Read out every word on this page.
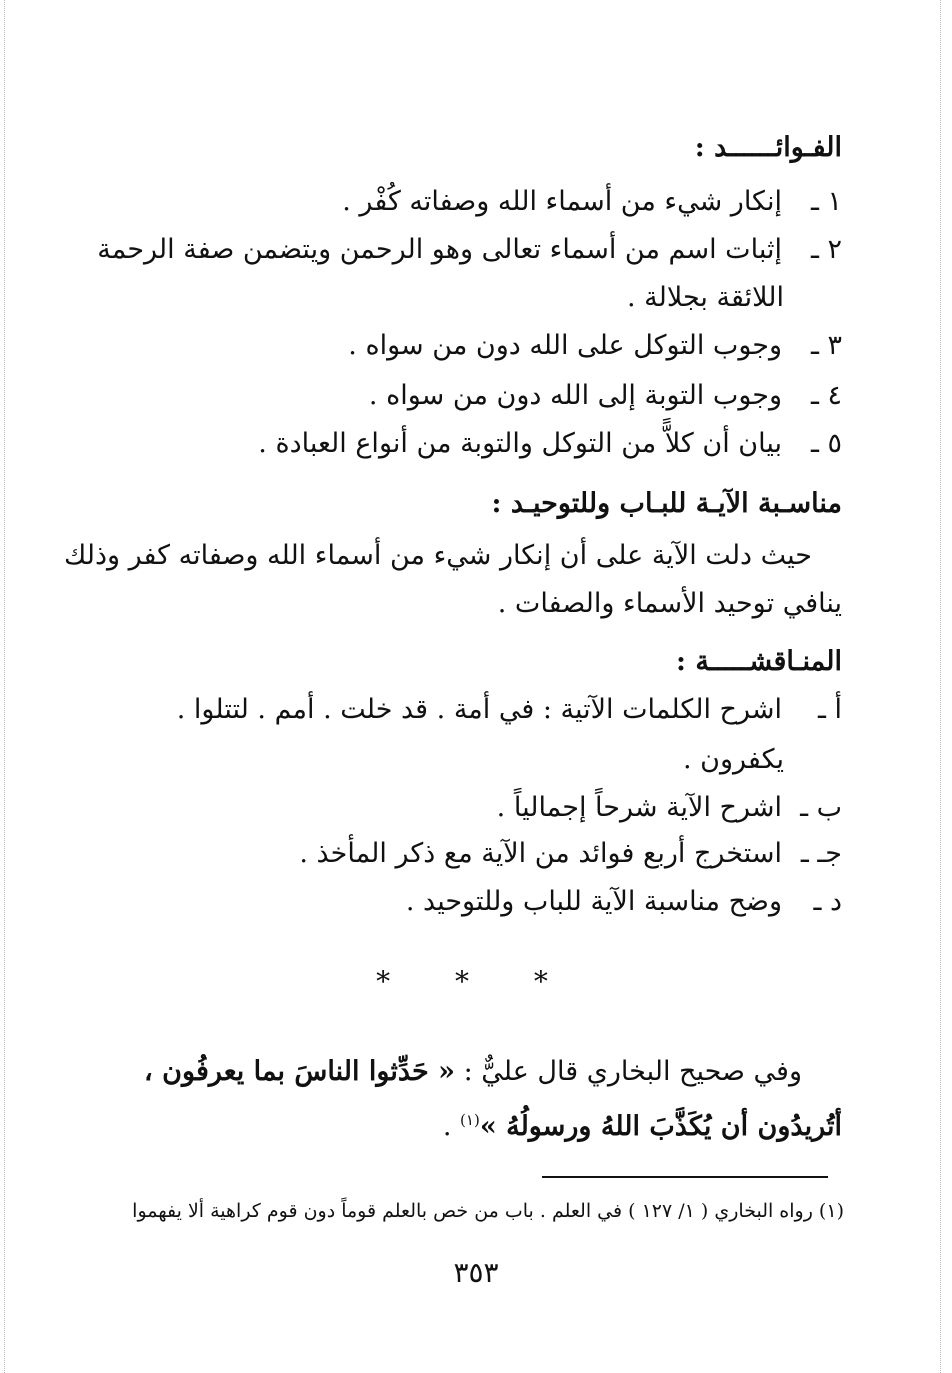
الفـوائــــــد :
١ ـإنكار شيء من أسماء الله وصفاته كُفْر .
٢ ـإثبات اسم من أسماء تعالى وهو الرحمن ويتضمن صفة الرحمة
اللائقة بجلالة .
٣ ـوجوب التوكل على الله دون من سواه .
٤ ـوجوب التوبة إلى الله دون من سواه .
٥ ـبيان أن كلاًّ من التوكل والتوبة من أنواع العبادة .
مناسـبة الآيـة للبـاب وللتوحيـد :
حيث دلت الآية على أن إنكار شيء من أسماء الله وصفاته كفر وذلك
ينافي توحيد الأسماء والصفات .
المنـاقشـــــة :
أ ـاشرح الكلمات الآتية : في أمة . قد خلت . أمم . لتتلوا .
يكفرون .
ب ـاشرح الآية شرحاً إجمالياً .
جـ ـاستخرج أربع فوائد من الآية مع ذكر المأخذ .
د ـوضح مناسبة الآية للباب وللتوحيد .
* * *
وفي صحيح البخاري قال عليٌّ : « حَدِّثوا الناسَ بما يعرفُون ،
أتُريدُون أن يُكَذَّبَ اللهُ ورسولُهُ »$^{(١)}$ .
(١) رواه البخاري ( ١/ ١٢٧ ) في العلم . باب من خص بالعلم قوماً دون قوم كراهية ألا يفهموا
٣٥٣
